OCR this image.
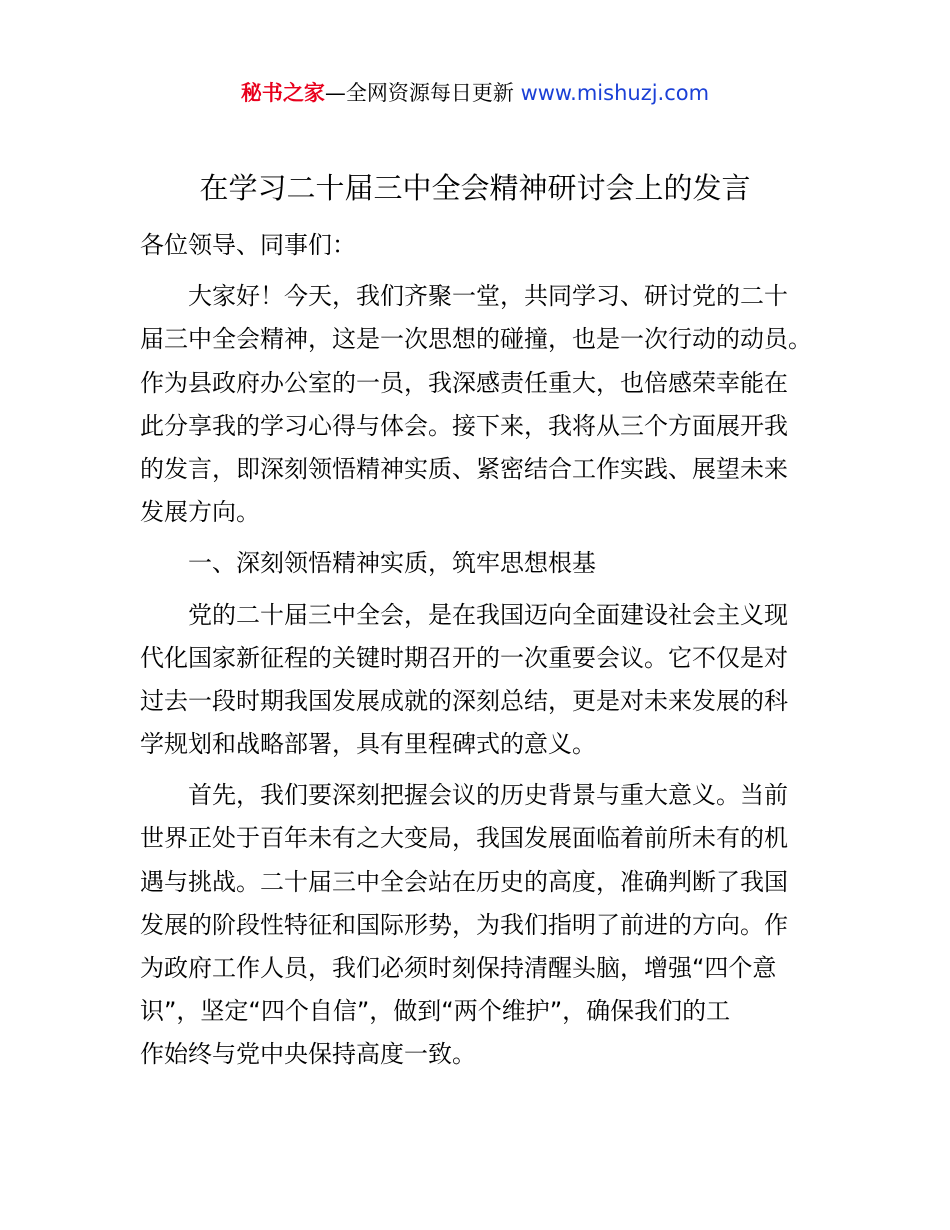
秘书之家—全网资源每日更新 www.mishuzj.com
在学习二十届三中全会精神研讨会上的发言
各位领导、同事们：
大家好！今天，我们齐聚一堂，共同学习、研讨党的二十
届三中全会精神，这是一次思想的碰撞，也是一次行动的动员。
作为县政府办公室的一员，我深感责任重大，也倍感荣幸能在
此分享我的学习心得与体会。接下来，我将从三个方面展开我
的发言，即深刻领悟精神实质、紧密结合工作实践、展望未来
发展方向。
一、深刻领悟精神实质，筑牢思想根基
党的二十届三中全会，是在我国迈向全面建设社会主义现
代化国家新征程的关键时期召开的一次重要会议。它不仅是对
过去一段时期我国发展成就的深刻总结，更是对未来发展的科
学规划和战略部署，具有里程碑式的意义。
首先，我们要深刻把握会议的历史背景与重大意义。当前
世界正处于百年未有之大变局，我国发展面临着前所未有的机
遇与挑战。二十届三中全会站在历史的高度，准确判断了我国
发展的阶段性特征和国际形势，为我们指明了前进的方向。作
为政府工作人员，我们必须时刻保持清醒头脑，增强“四个意
识”，坚定“四个自信”，做到“两个维护”，确保我们的工
作始终与党中央保持高度一致。
